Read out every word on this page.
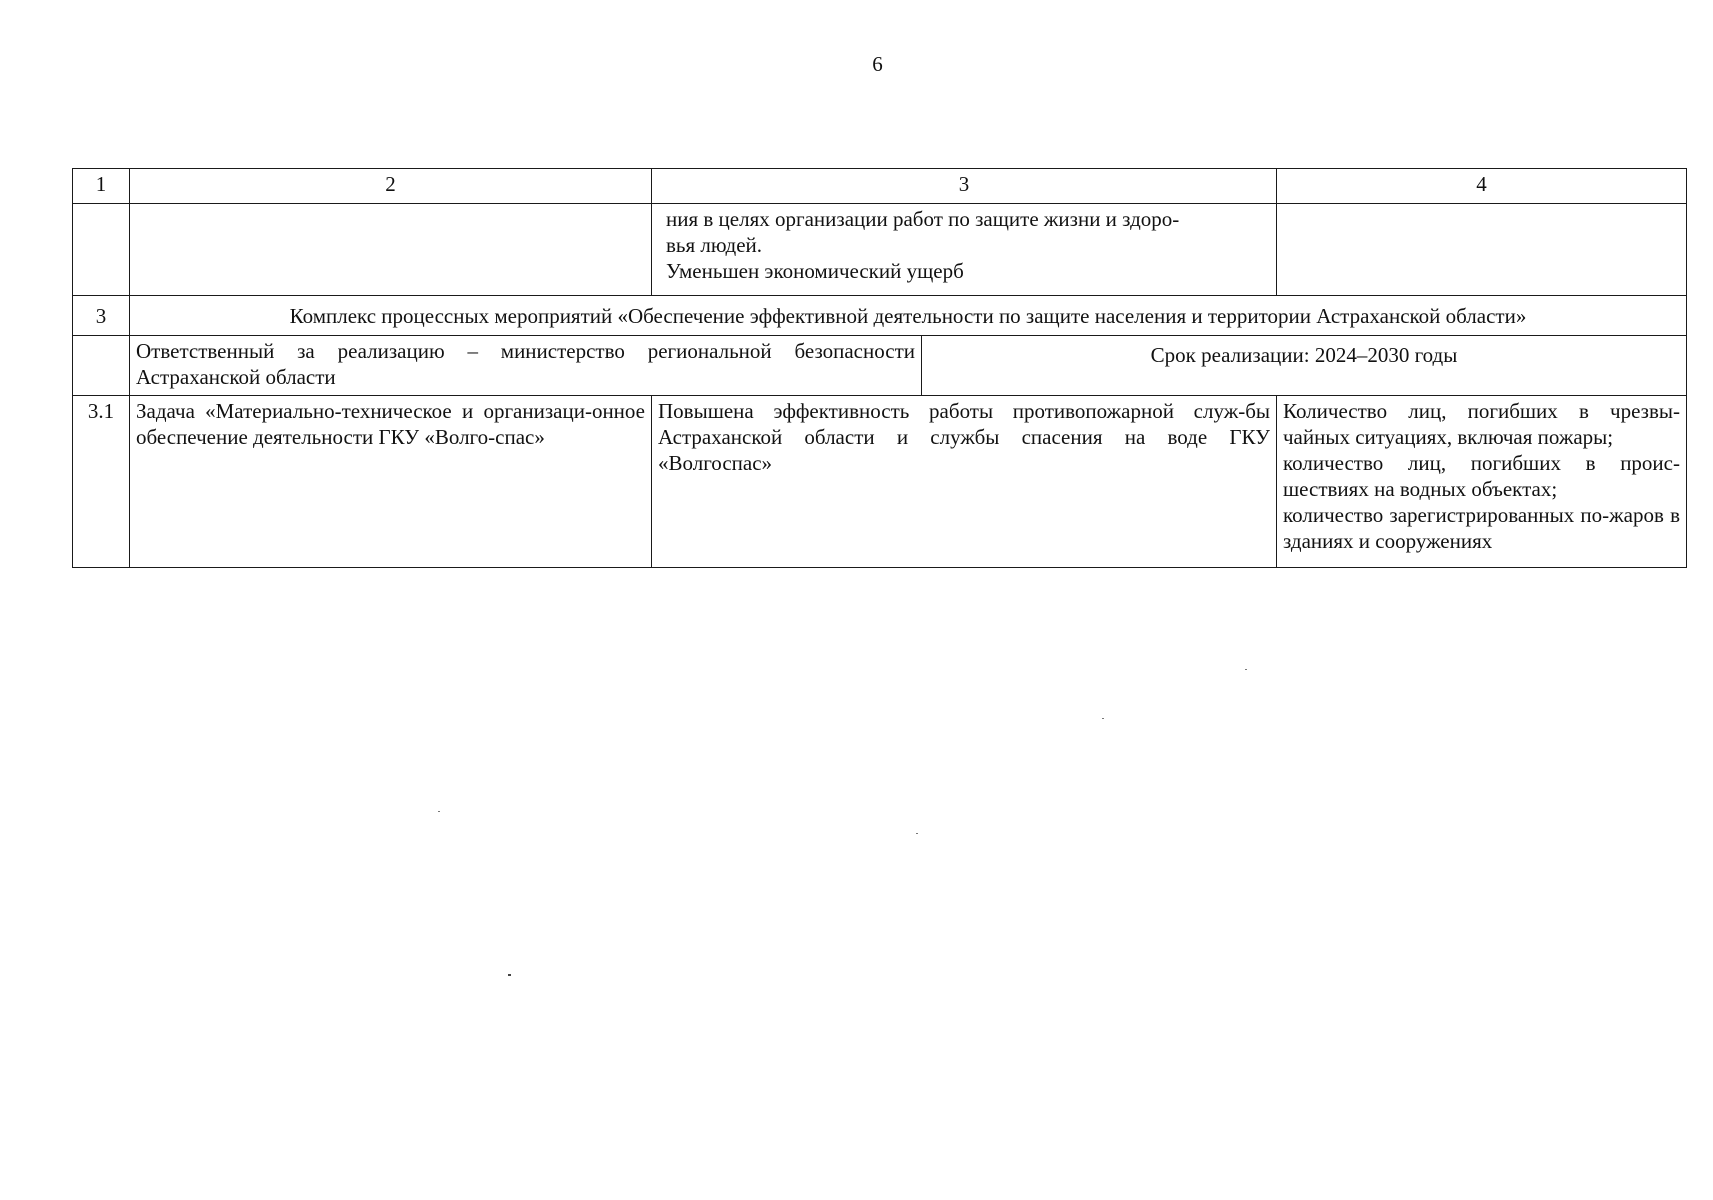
6
1	2	3		4

		ния в целях организации работ по защите жизни и здоро-
вья людей.
Уменьшен экономический ущерб		

3	Комплекс процессных мероприятий «Обеспечение эффективной деятельности по защите населения и территории Астраханской области»			
	Ответственный за реализацию – министерство региональной безопасности Астраханской области		Срок реализации: 2024–2030 годы	
3.1	Задача «Материально-техническое и организаци-онное обеспечение деятельности ГКУ «Волго-спас»	Повышена эффективность работы противопожарной служ-бы Астраханской области и службы спасения на воде ГКУ «Волгоспас»		Количество лиц, погибших в чрезвы-чайных ситуациях, включая пожары;
количество лиц, погибших в проис-шествиях на водных объектах;
количество зарегистрированных по-жаров в зданиях и сооружениях
